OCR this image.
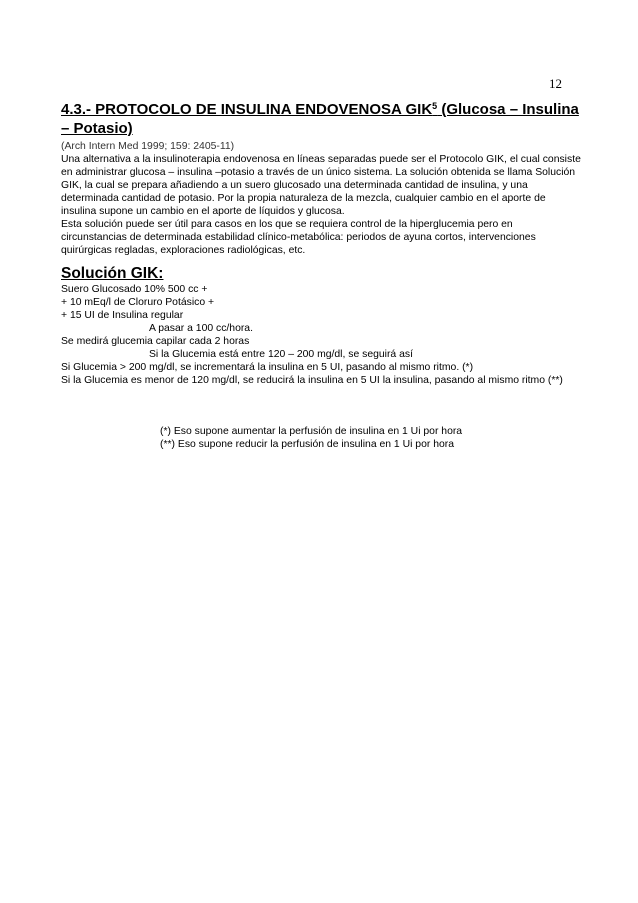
12
4.3.- PROTOCOLO DE INSULINA ENDOVENOSA GIK$^5$ (Glucosa – Insulina – Potasio)
(Arch Intern Med 1999; 159: 2405-11)

Una alternativa a la insulinoterapia endovenosa en líneas separadas puede ser el Protocolo GIK, el cual consiste en administrar glucosa – insulina –potasio a través de un único sistema. La solución obtenida se llama Solución GIK, la cual se prepara añadiendo a un suero glucosado una determinada cantidad de insulina, y una determinada cantidad de potasio. Por la propia naturaleza de la mezcla, cualquier cambio en el aporte de insulina supone un cambio en el aporte de líquidos y glucosa.

Esta solución puede ser útil para casos en los que se requiera control de la hiperglucemia pero en circunstancias de determinada estabilidad clínico-metabólica: periodos de ayuna cortos, intervenciones quirúrgicas regladas, exploraciones radiológicas, etc.

Solución GIK:

Suero Glucosado 10% 500 cc +

+ 10 mEq/l de Cloruro Potásico +

+ 15 UI de Insulina regular

A pasar a 100 cc/hora.

Se medirá glucemia capilar cada 2 horas

Si la Glucemia está entre 120 – 200 mg/dl, se seguirá así

Si Glucemia > 200 mg/dl, se incrementará la insulina en 5 UI, pasando al mismo ritmo. (*)

Si la Glucemia es menor de 120 mg/dl, se reducirá la insulina en 5 UI la insulina, pasando al mismo ritmo (**)

(*) Eso supone aumentar la perfusión de insulina en 1 Ui por hora

(**) Eso supone reducir la perfusión de insulina en 1 Ui por hora
